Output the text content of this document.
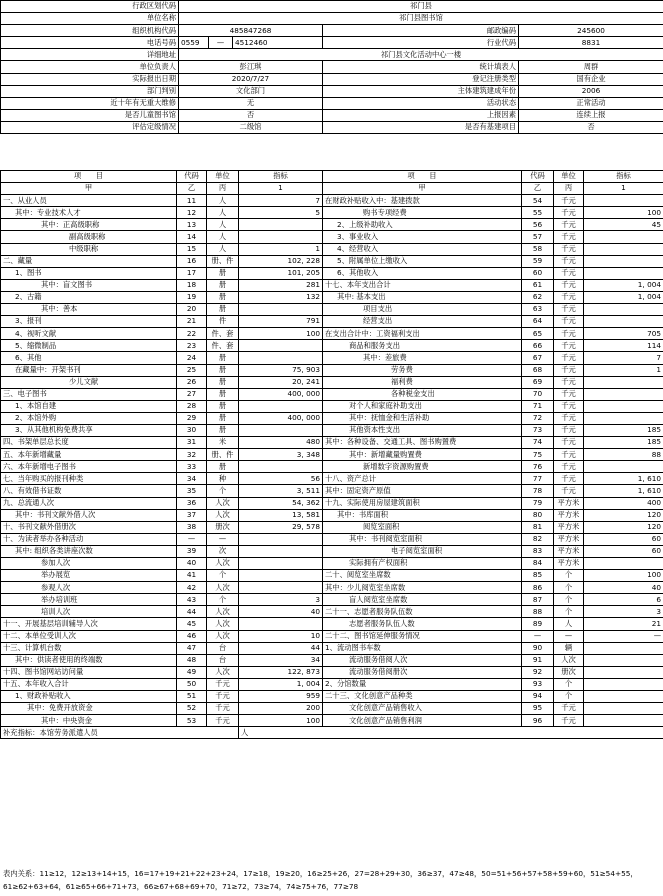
行政区划代码	祁门县				
单位名称	祁门县图书馆				
组织机构代码	485847268			邮政编码	245600
电话号码	0559	—	4512460	行业代码	8831
详细地址	祁门县文化活动中心一楼				
单位负责人	彭江琪			统计填表人	周群
实际报出日期	2020/7/27			登记注册类型	国有企业
部门判别	文化部门			主体建筑建成年份	2006
近十年有无重大维修	无			活动状态	正常活动
是否儿童图书馆	否			上报因素	连续上报
评估定级情况	二级馆			是否有基建项目	否
项　　目	代码	单位	指标	项　　目	代码	单位	指标
甲	乙	丙	1	甲	乙	丙	1
一、从业人员	11	人	7	在财政补贴收入中：基建拨款	54	千元	
其中：专业技术人才	12	人	5	购书专项经费	55	千元	100
其中：正高级职称	13	人		2、上级补助收入	56	千元	45
副高级职称	14	人		3、事业收入	57	千元	
中级职称	15	人	1	4、经营收入	58	千元	
二、藏量	16	册、件	102, 228	5、附属单位上缴收入	59	千元	
1、图书	17	册	101, 205	6、其他收入	60	千元	
其中：盲文图书	18	册	281	十七、本年支出合计	61	千元	1, 004
2、古籍	19	册	132	其中: 基本支出	62	千元	1, 004
其中：善本	20	册		项目支出	63	千元	
3、报刊	21	件	791	经营支出	64	千元	
4、视听文献	22	件、套	100	在支出合计中：工资福利支出	65	千元	705
5、缩微制品	23	件、套		商品和服务支出	66	千元	114
6、其他	24	册		其中：差旅费	67	千元	7
在藏量中：开架书刊	25	册	75, 903	劳务费	68	千元	1
少儿文献	26	册	20, 241	福利费	69	千元	
三、电子图书	27	册	400, 000	各种税金支出	70	千元	
1、本馆自建	28	册		对个人和家庭补助支出	71	千元	
2、本馆外购	29	册	400, 000	其中：抚恤金和生活补助	72	千元	
3、从其他机构免费共享	30	册		其他资本性支出	73	千元	185
四、书架单层总长度	31	米	480	其中：各种设备、交通工具、图书购置费	74	千元	185
五、本年新增藏量	32	册、件	3, 348	其中：新增藏量购置费	75	千元	88
六、本年新增电子图书	33	册		新增数字资源购置费	76	千元	
七、当年购买的报刊种类	34	种	56	十八、资产总计	77	千元	1, 610
八、有效借书证数	35	个	3, 511	其中：固定资产原值	78	千元	1, 610
九、总流通人次	36	人次	54, 362	十九、实际使用房屋建筑面积	79	平方米	400
其中：书刊文献外借人次	37	人次	13, 581	其中：书库面积	80	平方米	120
十、书刊文献外借册次	38	册次	29, 578	阅览室面积	81	平方米	120
十、为读者举办各种活动	—	—		其中：书刊阅览室面积	82	平方米	60
其中: 组织各类讲座次数	39	次		电子阅览室面积	83	平方米	60
参加人次	40	人次		实际拥有产权面积	84	平方米	
举办展览	41	个		二十、阅览室坐席数	85	个	100
参观人次	42	人次		其中：少儿阅览室坐席数	86	个	40
举办培训班	43	个	3	盲人阅览室坐席数	87	个	6
培训人次	44	人次	40	二十一、志愿者服务队伍数	88	个	3
十一、开展基层培训辅导人次	45	人次		志愿者服务队伍人数	89	人	21
十二、本单位受训人次	46	人次	10	二十二、图书馆延伸服务情况	—	—	—
十三、计算机台数	47	台	44	1、流动图书车数	90	辆	
其中：供读者使用的终端数	48	台	34	流动服务借阅人次	91	人次	
十四、图书馆网站访问量	49	人次	122, 873	流动服务借阅册次	92	册次	
十五、本年收入合计	50	千元	1, 004	2、分馆数量	93	个	
1、财政补贴收入	51	千元	959	二十三、文化创意产品种类	94	个	
其中：免费开放资金	52	千元	200	文化创意产品销售收入	95	千元	
其中：中央资金	53	千元	100	文化创意产品销售利润	96	千元	
补充指标：本馆劳务派遣人员			人				
表内关系：11≥12，12≥13+14+15，16=17+19+21+22+23+24，17≥18，19≥20，16≥25+26，27=28+29+30，36≥37，47≥48，50=51+56+57+58+59+60，51≥54+55，61≥62+63+64，61≥65+66+71+73，66≥67+68+69+70，71≥72，73≥74，74≥75+76，77≥78
